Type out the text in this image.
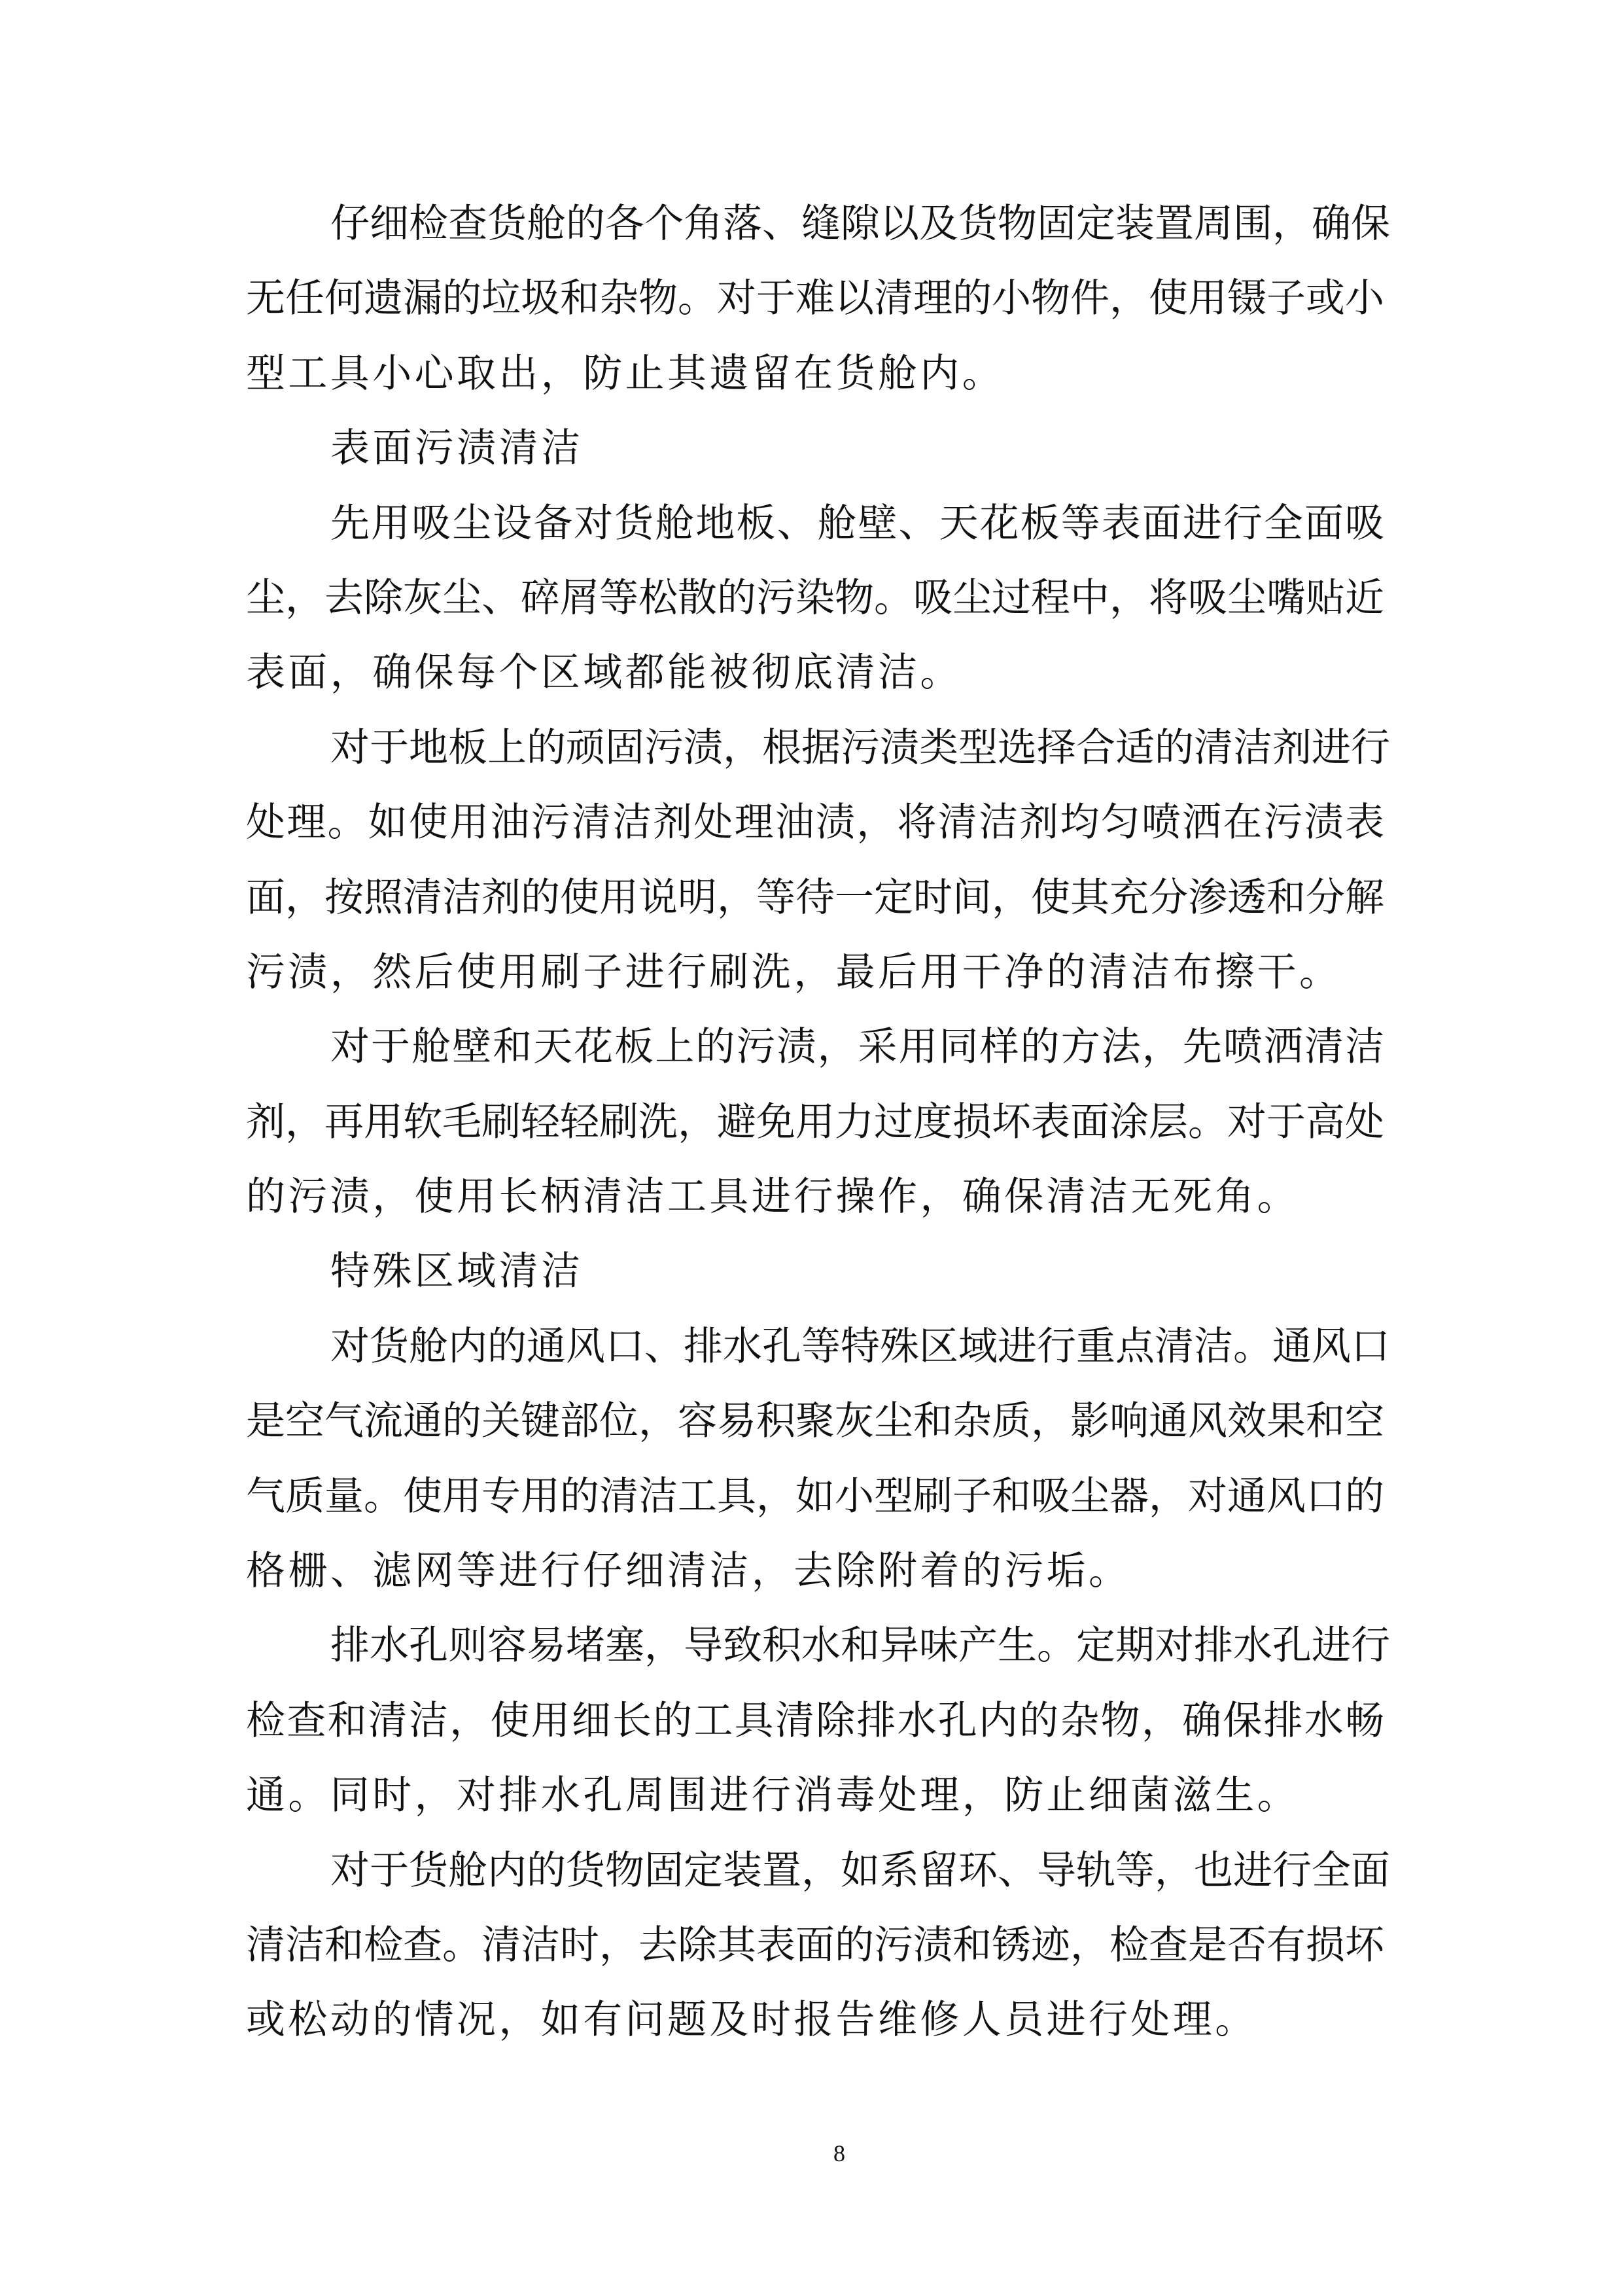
仔细检查货舱的各个角落、缝隙以及货物固定装置周围，确保
无任何遗漏的垃圾和杂物。对于难以清理的小物件，使用镊子或小
型工具小心取出，防止其遗留在货舱内。
表面污渍清洁
先用吸尘设备对货舱地板、舱壁、天花板等表面进行全面吸
尘，去除灰尘、碎屑等松散的污染物。吸尘过程中，将吸尘嘴贴近
表面，确保每个区域都能被彻底清洁。
对于地板上的顽固污渍，根据污渍类型选择合适的清洁剂进行
处理。如使用油污清洁剂处理油渍，将清洁剂均匀喷洒在污渍表
面，按照清洁剂的使用说明，等待一定时间，使其充分渗透和分解
污渍，然后使用刷子进行刷洗，最后用干净的清洁布擦干。
对于舱壁和天花板上的污渍，采用同样的方法，先喷洒清洁
剂，再用软毛刷轻轻刷洗，避免用力过度损坏表面涂层。对于高处
的污渍，使用长柄清洁工具进行操作，确保清洁无死角。
特殊区域清洁
对货舱内的通风口、排水孔等特殊区域进行重点清洁。通风口
是空气流通的关键部位，容易积聚灰尘和杂质，影响通风效果和空
气质量。使用专用的清洁工具，如小型刷子和吸尘器，对通风口的
格栅、滤网等进行仔细清洁，去除附着的污垢。
排水孔则容易堵塞，导致积水和异味产生。定期对排水孔进行
检查和清洁，使用细长的工具清除排水孔内的杂物，确保排水畅
通。同时，对排水孔周围进行消毒处理，防止细菌滋生。
对于货舱内的货物固定装置，如系留环、导轨等，也进行全面
清洁和检查。清洁时，去除其表面的污渍和锈迹，检查是否有损坏
或松动的情况，如有问题及时报告维修人员进行处理。
8
